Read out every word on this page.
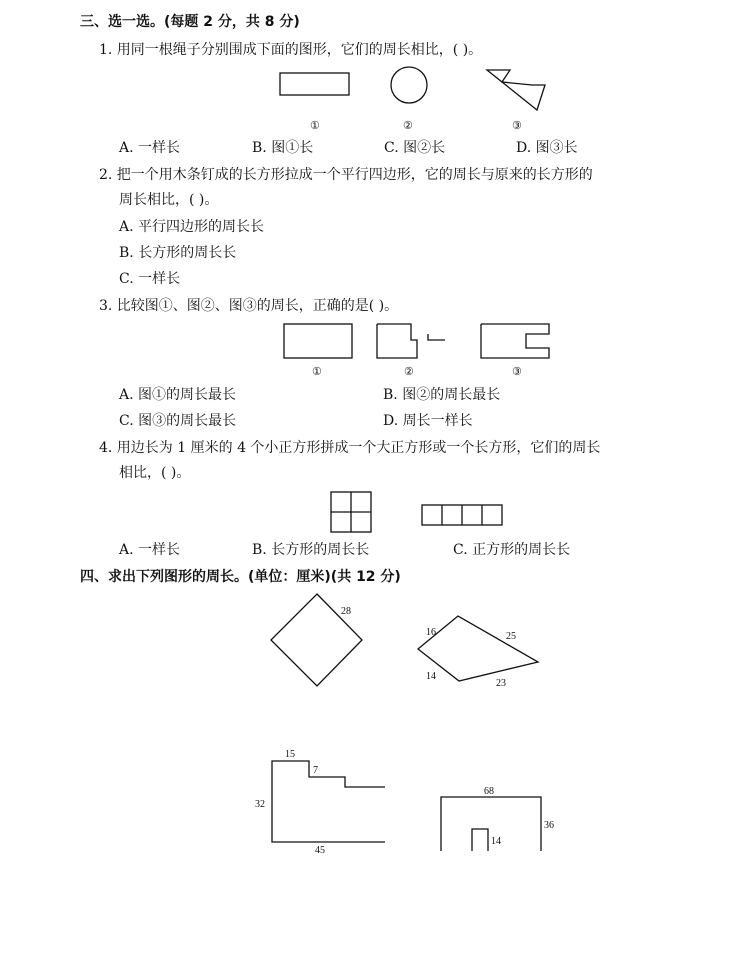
三、选一选。(每题 2 分，共 8 分)
1. 用同一根绳子分别围成下面的图形，它们的周长相比，( )。
①	②	③
A. 一样长	B. 图①长	C. 图②长	D. 图③长
2. 把一个用木条钉成的长方形拉成一个平行四边形，它的周长与原来的长方形的
周长相比，( )。
A. 平行四边形的周长长
B. 长方形的周长长
C. 一样长
3. 比较图①、图②、图③的周长，正确的是( )。
①	②	③
A. 图①的周长最长	B. 图②的周长最长
C. 图③的周长最长	D. 周长一样长
4. 用边长为 1 厘米的 4 个小正方形拼成一个大正方形或一个长方形，它们的周长
相比，( )。
A. 一样长	B. 长方形的周长长	C. 正方形的周长长
四、求出下列图形的周长。(单位：厘米)(共 12 分)
28
16	25
14
23
15
7
32
45
68
36
14
